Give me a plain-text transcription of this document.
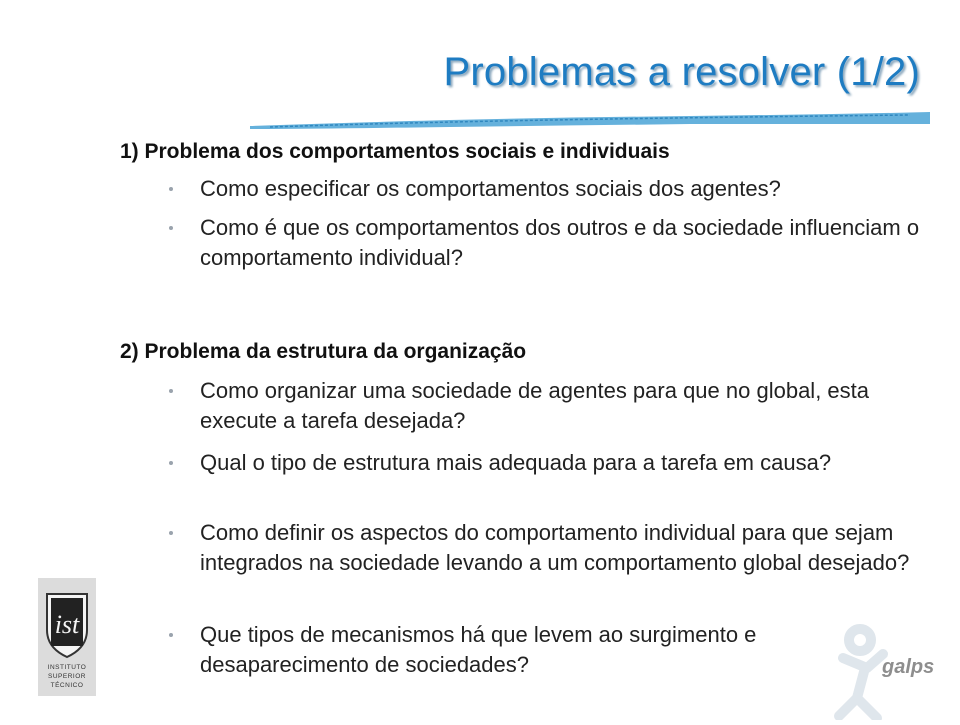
Problemas a resolver (1/2)
1) Problema dos comportamentos sociais e individuais
Como especificar os comportamentos sociais dos agentes?
Como é que os comportamentos dos outros e da sociedade influenciam o comportamento individual?
2) Problema da estrutura da organização
Como organizar uma sociedade de agentes para que no global, esta execute a tarefa desejada?
Qual o tipo de estrutura mais adequada para a tarefa em causa?
Como definir os aspectos do comportamento individual para que sejam integrados na sociedade levando a um comportamento global desejado?
Que tipos de mecanismos há que levem ao surgimento e desaparecimento de sociedades?
ist
INSTITUTO
SUPERIOR
TÉCNICO
galps
